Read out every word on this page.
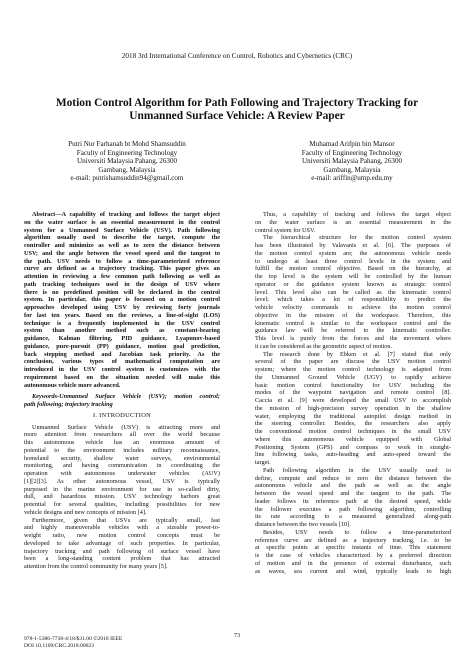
2018 3rd International Conference on Control, Robotics and Cybernetics (CRC)
Motion Control Algorithm for Path Following and Trajectory Tracking for
Unmanned Surface Vehicle: A Review Paper
Putri Nur Farhanah bt Mohd Shamsuddin
Faculty of Engineering Technology
Universiti Malaysia Pahang, 26300
Gambang, Malaysia
e-mail: putrishamsuddin94@gmail.com
Muhamad Arifpin bin Mansor
Faculty of Engineering Technology
Universiti Malaysia Pahang, 26300
Gambang, Malaysia
e-mail: ariffin@ump.edu.my
Abstract—A capability of tracking and follows the target object
on the water surface is an essential measurement in the control
system for a Unmanned Surface Vehicle (USV). Path following
algorithm usually used to describe the target, compute the
controller and minimize as well as to zero the distance between
USV; and the angle between the vessel speed and the tangent to
the path. USV needs to follow a time-parameterized reference
curve are defined as a trajectory tracking. This paper gives an
attention in reviewing a few common path following as well as
path tracking techniques used in the design of USV where
there is no predefined position will be declared in the control
system. In particular, this paper is focused on a motion control
approaches developed using USV by reviewing forty journals
for last ten years. Based on the reviews, a line-of-sight (LOS)
technique is a frequently implemented in the USV control
system than another method such as constant-bearing
guidance, Kalman filtering, PID guidance, Lyapunov-based
guidance, pure-pursuit (PP) guidance, motion goal prediction,
back stepping method and Jacobian task priority. As the
conclusion, various types of mathematical computation are
introduced in the USV control system is customizes with the
requirement based on the situation needed will make this
autonomous vehicle more advanced.
Keywords-Unmanned Surface Vehicle (USV); motion control;
path following; trajectory tracking
I. INTRODUCTION
Unmanned Surface Vehicle (USV) is attracting more and
more attention from researchers all over the world because
this autonomous vehicle has an enormous amount of
potential to the environment includes military reconnaissance,
homeland security, shallow water surveys, environmental
monitoring, and having communication in coordinating the
operation with autonomous underwater vehicles (AUV)
[1][2][3]. As other autonomous vessel, USV is typically
purposed in the marine environment for use in so-called dirty,
dull, and hazardous mission. USV technology harbors great
potential for several qualities, including possibilities for new
vehicle designs and new concepts of mission [4].
Furthermore, given that USVs are typically small, fast
and highly maneuverable vehicles with a sizeable power-to-
weight ratio, new motion control concepts must be
developed to take advantage of such properties. In particular,
trajectory tracking and path following of surface vessel have
been a long-standing content problem that has attracted
attention from the control community for many years [5].
Thus, a capability of tracking and follows the target object
on the water surface is an essential measurement in the
control system for USV.
The hierarchical structure for the motion control system
has been illustrated by Valavanis et al. [6]. The purposes of
the motion control system are; the autonomous vehicle needs
to undergo at least three control levels in the system and
fulfill the motion control objective. Based on the hierarchy, at
the top level is the system will be controlled by the human
operator or the guidance system known as strategic control
level. This level also can be called as the kinematic control
level; which takes a lot of responsibility to predict the
vehicle velocity commands to achieve the motion control
objective in the mission of the workspace. Therefore, this
kinematic control is similar to the workspace control and the
guidance law will be referred to the kinematic controller.
This level is purely from the forces and the movement where
it can be considered as the geometric aspect of motion.
The research done by Ebken et al. [7] stated that only
several of the paper are discuss the USV motion control
system; where the motion control technology is adapted from
the Unmanned Ground Vehicle (UGV) to rapidly achieve
basic motion control functionality for USV including the
modes of the waypoint navigation and remote control [8].
Caccia et al. [9] were developed the small USV to accomplish
the mission of high-precision survey operation in the shallow
water, employing the traditional autopilot design method in
the steering controller. Besides, the researchers also apply
the conventional motion control techniques in the small USV
where this autonomous vehicle equipped with Global
Positioning System (GPS) and compass to work in straight-
line following tasks, auto-heading and auto-speed toward the
target.
Path following algorithm in the USV usually used to
define, compute and reduce to zero the distance between the
autonomous vehicle and the path as well as the angle
between the vessel speed and the tangent to the path. The
leader follows its reference path at the desired speed, while
the follower executes a path following algorithm, controlling
its rate according to a measured generalized along-path
distance between the two vessels [10].
Besides, USV needs to follow a time-parameterized
reference curve are defined as a trajectory tracking, i.e. to be
at specific points at specific instants of time. This statement
is the case of vehicles characterized by a preferred direction
of motion and in the presence of external disturbance, such
as waves, sea current and wind, typically leads to high
978-1-5386-7738-4/18/$31.00 ©2018 IEEE
DOI 10.1109/CRC.2018.00023
73
